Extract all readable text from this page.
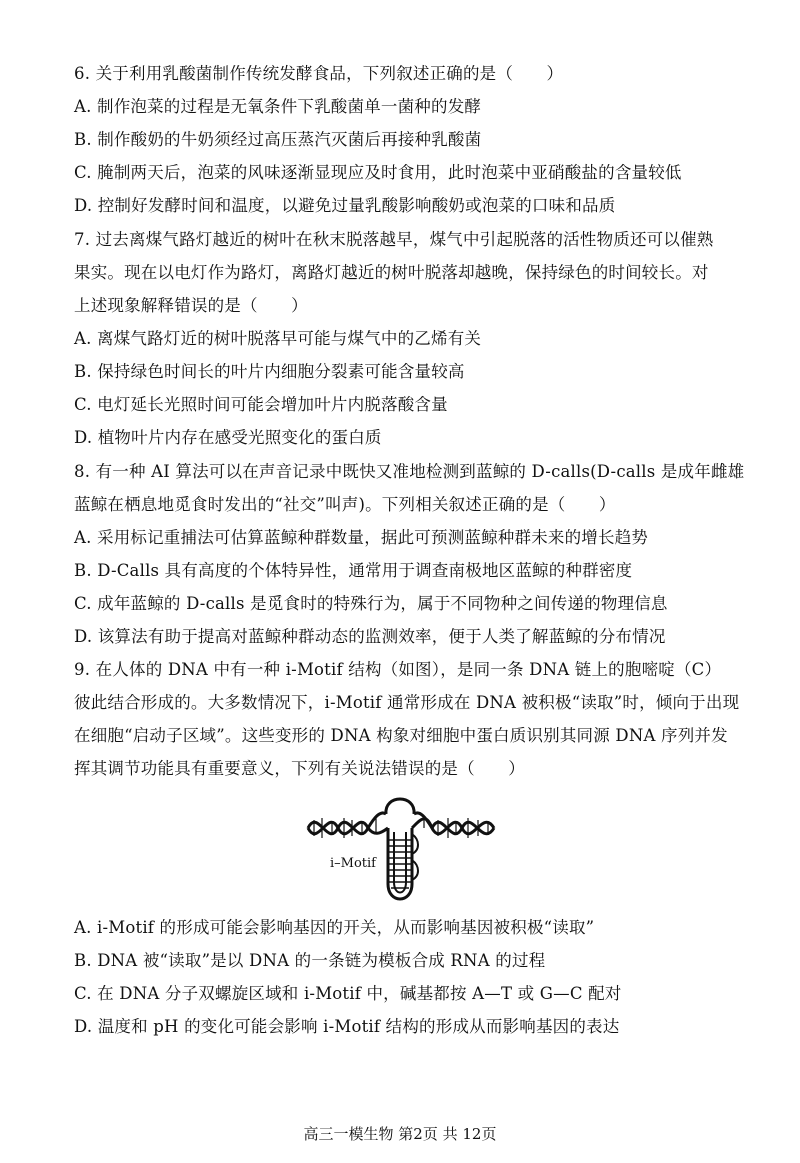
6. 关于利用乳酸菌制作传统发酵食品，下列叙述正确的是（　　）
A. 制作泡菜的过程是无氧条件下乳酸菌单一菌种的发酵
B. 制作酸奶的牛奶须经过高压蒸汽灭菌后再接种乳酸菌
C. 腌制两天后，泡菜的风味逐渐显现应及时食用，此时泡菜中亚硝酸盐的含量较低
D. 控制好发酵时间和温度，以避免过量乳酸影响酸奶或泡菜的口味和品质
7. 过去离煤气路灯越近的树叶在秋末脱落越早，煤气中引起脱落的活性物质还可以催熟
果实。现在以电灯作为路灯，离路灯越近的树叶脱落却越晚，保持绿色的时间较长。对
上述现象解释错误的是（　　）
A. 离煤气路灯近的树叶脱落早可能与煤气中的乙烯有关
B. 保持绿色时间长的叶片内细胞分裂素可能含量较高
C. 电灯延长光照时间可能会增加叶片内脱落酸含量
D. 植物叶片内存在感受光照变化的蛋白质
8. 有一种 AI 算法可以在声音记录中既快又准地检测到蓝鲸的 D-calls(D-calls 是成年雌雄
蓝鲸在栖息地觅食时发出的“社交”叫声)。下列相关叙述正确的是（　　）
A. 采用标记重捕法可估算蓝鲸种群数量，据此可预测蓝鲸种群未来的增长趋势
B. D-Calls 具有高度的个体特异性，通常用于调查南极地区蓝鲸的种群密度
C. 成年蓝鲸的 D-calls 是觅食时的特殊行为，属于不同物种之间传递的物理信息
D. 该算法有助于提高对蓝鲸种群动态的监测效率，便于人类了解蓝鲸的分布情况
9. 在人体的 DNA 中有一种 i-Motif 结构（如图），是同一条 DNA 链上的胞嘧啶（C）
彼此结合形成的。大多数情况下，i-Motif 通常形成在 DNA 被积极“读取”时，倾向于出现
在细胞“启动子区域”。这些变形的 DNA 构象对细胞中蛋白质识别其同源 DNA 序列并发
挥其调节功能具有重要意义，下列有关说法错误的是（　　）
i–Motif
A. i-Motif 的形成可能会影响基因的开关，从而影响基因被积极“读取”
B. DNA 被“读取”是以 DNA 的一条链为模板合成 RNA 的过程
C. 在 DNA 分子双螺旋区域和 i-Motif 中，碱基都按 A—T 或 G—C 配对
D. 温度和 pH 的变化可能会影响 i-Motif 结构的形成从而影响基因的表达
高三一模生物 第2页 共 12页
